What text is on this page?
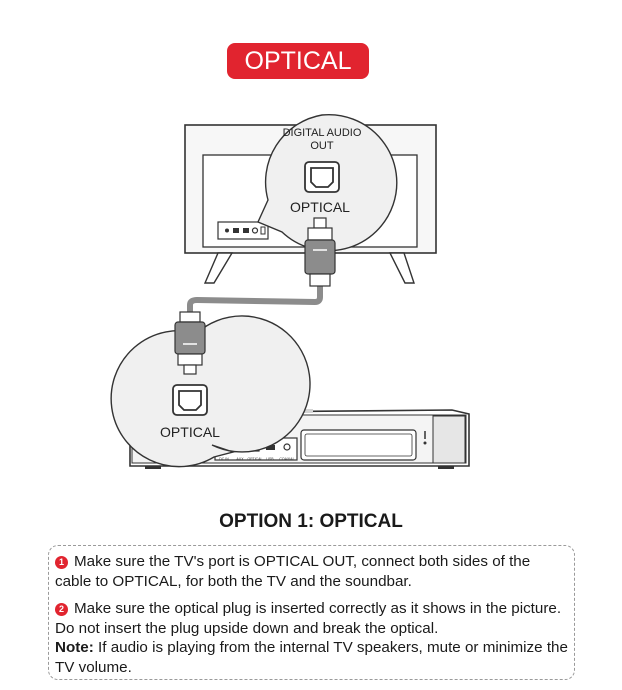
OPTICAL
DC IN AUX OPTICAL USB COAXIAL
DIGITAL AUDIO
OUT
OPTICAL
OPTICAL
OPTION 1: OPTICAL

1 Make sure the TV's port is OPTICAL OUT, connect both sides of the cable to OPTICAL, for both the TV and the soundbar.

2 Make sure the optical plug is inserted correctly as it shows in the picture. Do not insert the plug upside down and break the optical.
Note: If audio is playing from the internal TV speakers, mute or minimize the TV volume.
